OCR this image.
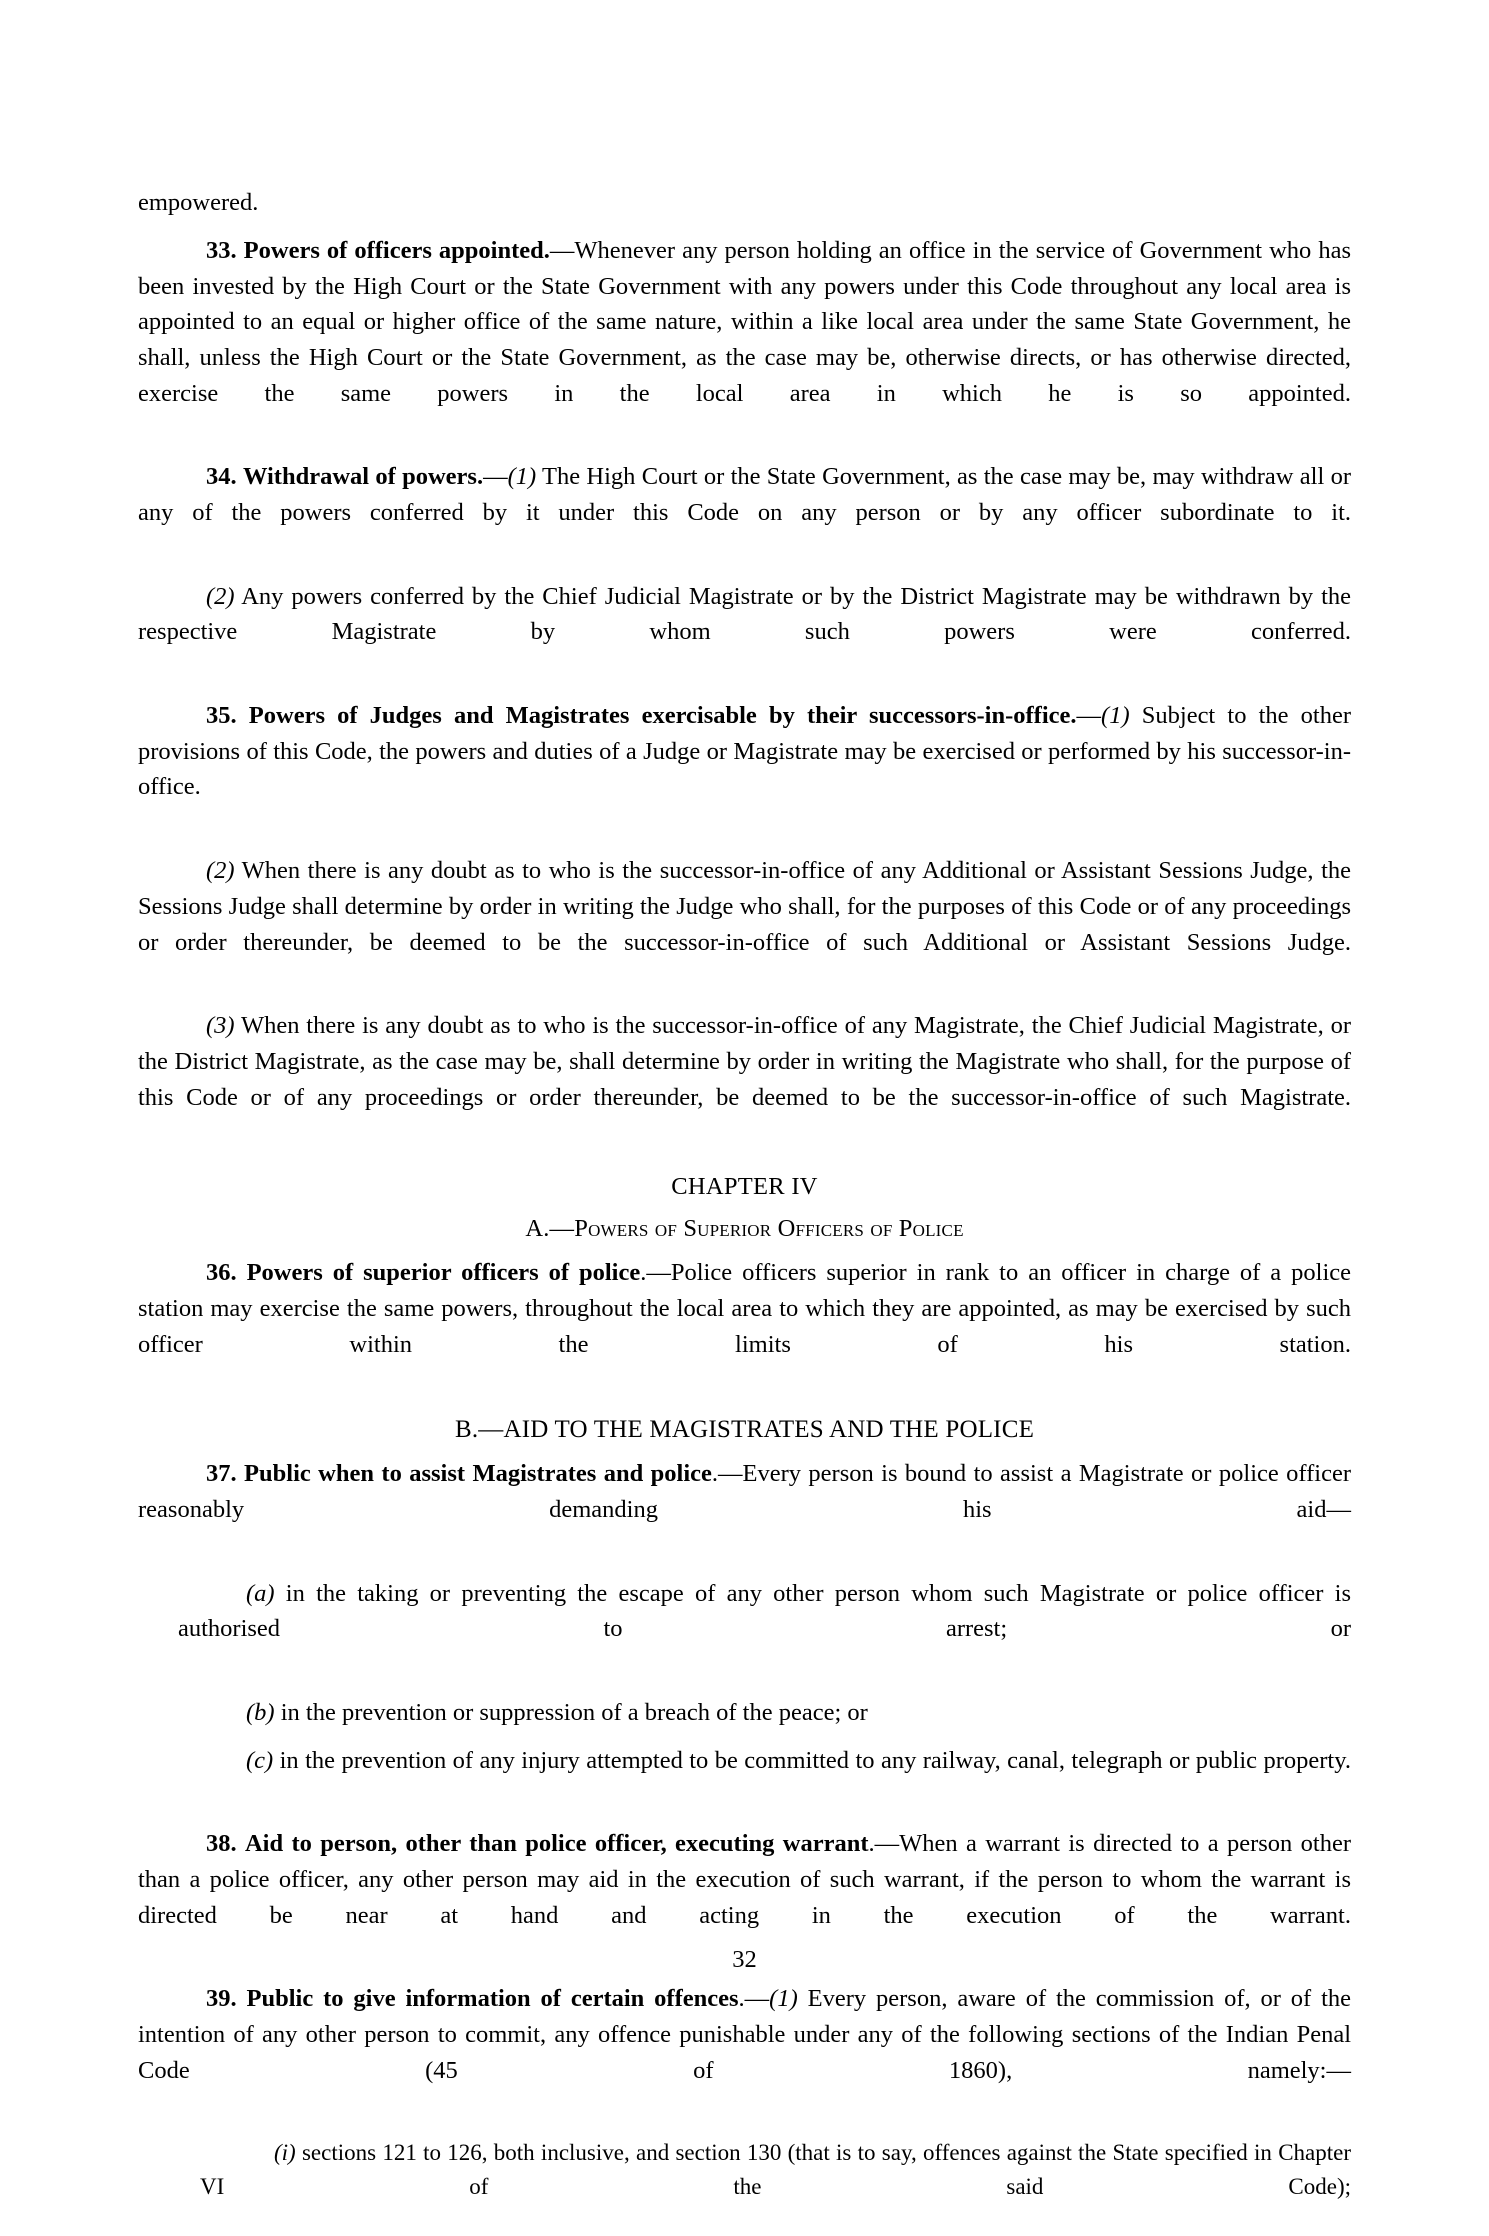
empowered.

33. Powers of officers appointed.—Whenever any person holding an office in the service of Government who has been invested by the High Court or the State Government with any powers under this Code throughout any local area is appointed to an equal or higher office of the same nature, within a like local area under the same State Government, he shall, unless the High Court or the State Government, as the case may be, otherwise directs, or has otherwise directed, exercise the same powers in the local area in which he is so appointed.

34. Withdrawal of powers.—(1) The High Court or the State Government, as the case may be, may withdraw all or any of the powers conferred by it under this Code on any person or by any officer subordinate to it.

(2) Any powers conferred by the Chief Judicial Magistrate or by the District Magistrate may be withdrawn by the respective Magistrate by whom such powers were conferred.

35. Powers of Judges and Magistrates exercisable by their successors-in-office.—(1) Subject to the other provisions of this Code, the powers and duties of a Judge or Magistrate may be exercised or performed by his successor-in-office.

(2) When there is any doubt as to who is the successor-in-office of any Additional or Assistant Sessions Judge, the Sessions Judge shall determine by order in writing the Judge who shall, for the purposes of this Code or of any proceedings or order thereunder, be deemed to be the successor-in-office of such Additional or Assistant Sessions Judge.

(3) When there is any doubt as to who is the successor-in-office of any Magistrate, the Chief Judicial Magistrate, or the District Magistrate, as the case may be, shall determine by order in writing the Magistrate who shall, for the purpose of this Code or of any proceedings or order thereunder, be deemed to be the successor-in-office of such Magistrate.

CHAPTER IV
A.—Powers of Superior Officers of Police

36. Powers of superior officers of police.—Police officers superior in rank to an officer in charge of a police station may exercise the same powers, throughout the local area to which they are appointed, as may be exercised by such officer within the limits of his station.

B.—AID TO THE MAGISTRATES AND THE POLICE

37. Public when to assist Magistrates and police.—Every person is bound to assist a Magistrate or police officer reasonably demanding his aid—

(a) in the taking or preventing the escape of any other person whom such Magistrate or police officer is authorised to arrest; or

(b) in the prevention or suppression of a breach of the peace; or

(c) in the prevention of any injury attempted to be committed to any railway, canal, telegraph or public property.

38. Aid to person, other than police officer, executing warrant.—When a warrant is directed to a person other than a police officer, any other person may aid in the execution of such warrant, if the person to whom the warrant is directed be near at hand and acting in the execution of the warrant.

39. Public to give information of certain offences.—(1) Every person, aware of the commission of, or of the intention of any other person to commit, any offence punishable under any of the following sections of the Indian Penal Code (45 of 1860), namely:—

(i) sections 121 to 126, both inclusive, and section 130 (that is to say, offences against the State specified in Chapter VI of the said Code);

32
